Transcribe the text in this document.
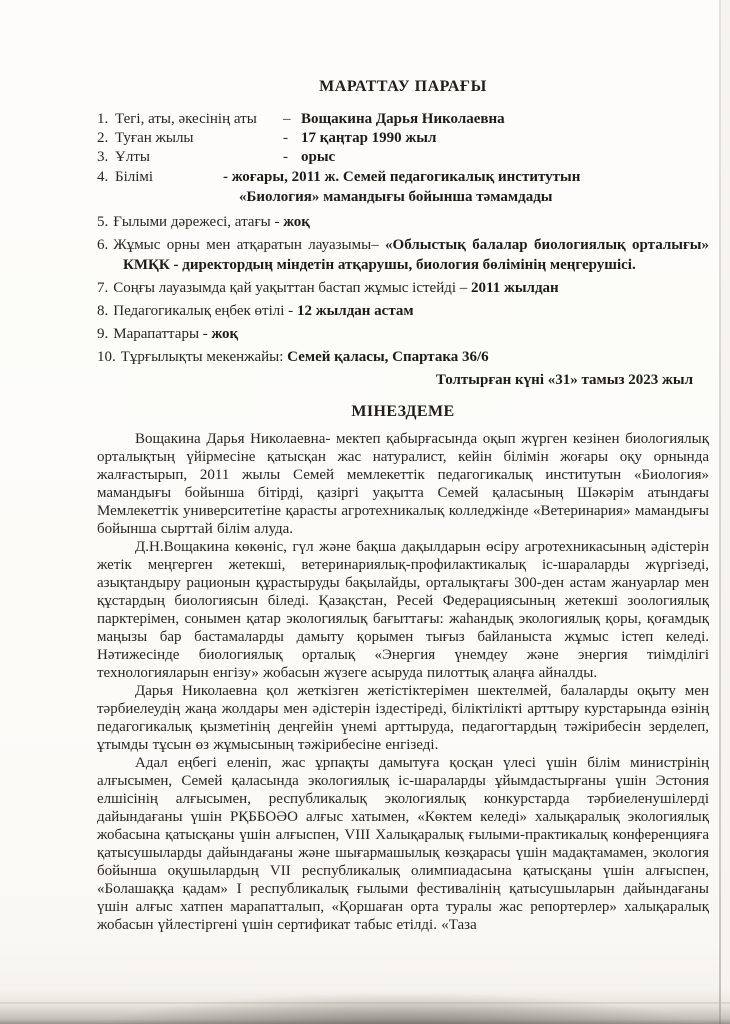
МАРАТТАУ ПАРАҒЫ
1. Тегі, аты, әкесінің аты – Вощакина Дарья Николаевна
2. Туған жылы	- 17 қаңтар 1990 жыл
3. Ұлты	- орыс
4. Білімі	- жоғары, 2011 ж. Семей педагогикалық институтын
«Биология» мамандығы бойынша тәмамдады
5. Ғылыми дәрежесі, атағы - жоқ
6. Жұмыс орны мен атқаратын лауазымы– «Облыстық балалар биологиялық орталығы» КМҚК - директордың міндетін атқарушы, биология бөлімінің меңгерушісі.
7. Соңғы лауазымда қай уақыттан бастап жұмыс істейді – 2011 жылдан
8. Педагогикалық еңбек өтілі - 12 жылдан астам
9. Марапаттары - жоқ
10. Тұрғылықты мекенжайы: Семей қаласы, Спартака 36/6
Толтырған күні «31» тамыз 2023 жыл
МІНЕЗДЕМЕ

Вощакина Дарья Николаевна- мектеп қабырғасында оқып жүрген кезінен биологиялық орталықтың үйірмесіне қатысқан жас натуралист, кейін білімін жоғары оқу орнында жалғастырып, 2011 жылы Семей мемлекеттік педагогикалық институтын «Биология» мамандығы бойынша бітірді, қазіргі уақытта Семей қаласының Шәкәрім атындағы Мемлекеттік университетіне қарасты агротехникалық колледжінде «Ветеринария» мамандығы бойынша сырттай білім алуда.

Д.Н.Вощакина көкөніс, гүл және бақша дақылдарын өсіру агротехникасының әдістерін жетік меңгерген жетекші, ветеринариялық-профилактикалық іс-шараларды жүргізеді, азықтандыру рационын құрастыруды бақылайды, орталықтағы 300-ден астам жануарлар мен құстардың биологиясын біледі. Қазақстан, Ресей Федерациясының жетекші зоологиялық парктерімен, сонымен қатар экологиялық бағыттағы: жаһандық экологиялық қоры, қоғамдық маңызы бар бастамаларды дамыту қорымен тығыз байланыста жұмыс істеп келеді. Нәтижесінде биологиялық орталық «Энергия үнемдеу және энергия тиімділігі технологияларын енгізу» жобасын жүзеге асыруда пилоттық алаңға айналды.

Дарья Николаевна қол жеткізген жетістіктерімен шектелмей, балаларды оқыту мен тәрбиелеудің жаңа жолдары мен әдістерін іздестіреді, біліктілікті арттыру курстарында өзінің педагогикалық қызметінің деңгейін үнемі арттыруда, педагогтардың тәжірибесін зерделеп, ұтымды тұсын өз жұмысының тәжірибесіне енгізеді.

Адал еңбегі еленіп, жас ұрпақты дамытуға қосқан үлесі үшін білім министрінің алғысымен, Семей қаласында экологиялық іс-шараларды ұйымдастырғаны үшін Эстония елшісінің алғысымен, республикалық экологиялық конкурстарда тәрбиеленушілерді дайындағаны үшін РҚББОӘО алғыс хатымен, «Көктем келеді» халықаралық экологиялық жобасына қатысқаны үшін алғыспен, VIII Халықаралық ғылыми-практикалық конференцияға қатысушыларды дайындағаны және шығармашылық көзқарасы үшін мадақтамамен, экология бойынша оқушылардың VII республикалық олимпиадасына қатысқаны үшін алғыспен, «Болашаққа қадам» I республикалық ғылыми фестивалінің қатысушыларын дайындағаны үшін алғыс хатпен марапатталып, «Қоршаған орта туралы жас репортерлер» халықаралық жобасын үйлестіргені үшін сертификат табыс етілді. «Таза
